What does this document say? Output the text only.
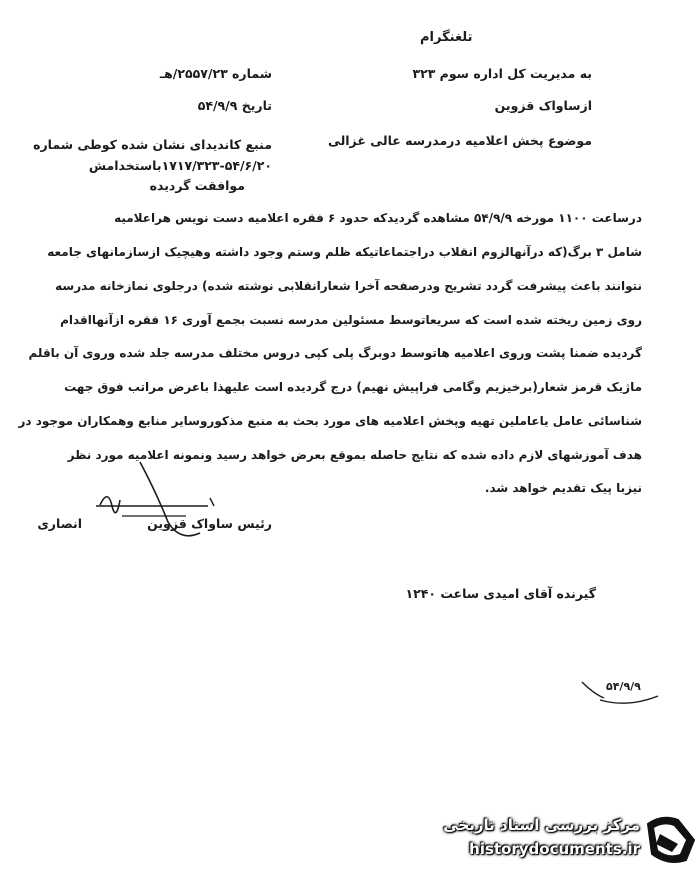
تلغنگرام
به مدیریت کل اداره سوم ۳۲۳
ازساواک قزوین
موضوع پخش اعلامیه درمدرسه عالی غزالی
شماره ۲۵۵۷/۲۳/هـ
تاریخ ۵۴/۹/۹
منبع کاندیدای نشان شده کوطی شماره
۱۷۱۷/۳۲۳-۵۴/۶/۲۰باستخدامش
موافقت گردیده
درساعت ۱۱۰۰ مورخه ۵۴/۹/۹ مشاهده گردیدکه حدود ۶ فقره اعلامیه دست نویس هراعلامیه
شامل ۳ برگ(که درآنهالزوم انقلاب دراجتماعاتیکه ظلم وستم وجود داشته وهیچیک ازسازمانهای جامعه
نتوانند باعث پیشرفت گردد تشریح ودرصفحه آخرا شعارانقلابی نوشته شده) درجلوی نمازخانه مدرسه
روی زمین ریخته شده است که سریعاتوسط مسئولین مدرسه نسبت بجمع آوری ۱۶ فقره ازآنهااقدام
گردیده ضمنا پشت وروی اعلامیه هاتوسط دوبرگ پلی کپی دروس مختلف مدرسه جلد شده وروی آن باقلم
ماژیک قرمز شعار(برخیزیم وگامی فراپیش نهیم) درج گردیده است علیهذا باعرض مراتب فوق جهت
شناسائی عامل یاعاملین تهیه وپخش اعلامیه های مورد بحث به منبع مذکوروسایر منابع وهمکاران موجود در
هدف آموزشهای لازم داده شده که نتایج حاصله بموقع بعرض خواهد رسید ونمونه اعلامیه مورد نظر
نیزبا پیک تقدیم خواهد شد.
رئیس ساواک قزوین
انصاری
گیرنده آقای امیدی ساعت ۱۲۴۰
۵۴/۹/۹
مرکز بررسی اسناد تاریخی
historydocuments.ir
